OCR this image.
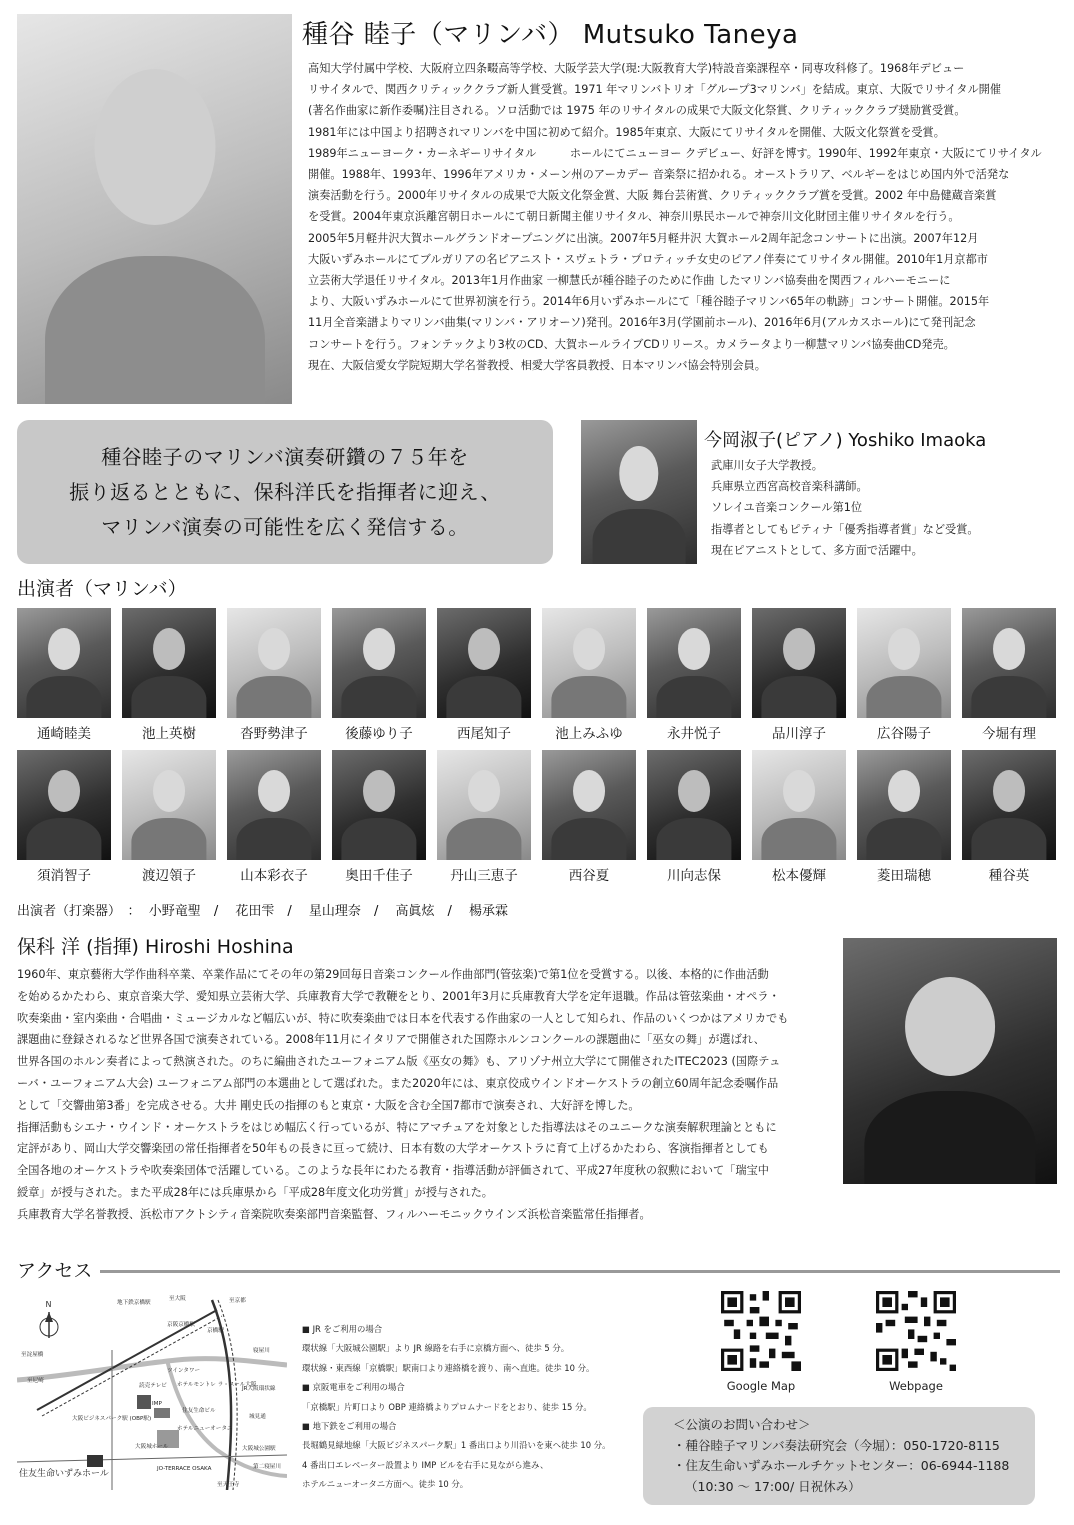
種谷 睦子（マリンバ） Mutsuko Taneya
高知大学付属中学校、大阪府立四条畷高等学校、大阪学芸大学(現:大阪教育大学)特設音楽課程卒・同専攻科修了。1968年デビュー
リサイタルで、関西クリティッククラブ新人賞受賞。1971 年マリンバトリオ「グループ3マリンバ」を結成。東京、大阪でリサイタル開催
(著名作曲家に新作委嘱)注目される。ソロ活動では 1975 年のリサイタルの成果で大阪文化祭賞、クリティッククラブ奨励賞受賞。
1981年には中国より招聘されマリンバを中国に初めて紹介。1985年東京、大阪にてリサイタルを開催、大阪文化祭賞を受賞。
1989年ニューヨーク・カーネギーリサイタル　　　ホールにてニューヨー クデビュー、好評を博す。1990年、1992年東京・大阪にてリサイタル
開催。1988年、1993年、1996年アメリカ・メーン州のアーカデー 音楽祭に招かれる。オーストラリア、ベルギーをはじめ国内外で活発な
演奏活動を行う。2000年リサイタルの成果で大阪文化祭金賞、大阪 舞台芸術賞、クリティッククラブ賞を受賞。2002 年中島健蔵音楽賞
を受賞。2004年東京浜離宮朝日ホールにて朝日新聞主催リサイタル、神奈川県民ホールで神奈川文化財団主催リサイタルを行う。
2005年5月軽井沢大賀ホールグランドオープニングに出演。2007年5月軽井沢 大賀ホール2周年記念コンサートに出演。2007年12月
大阪いずみホールにてブルガリアの名ピアニスト・スヴェトラ・プロティッチ女史のピアノ伴奏にてリサイタル開催。2010年1月京都市
立芸術大学退任リサイタル。2013年1月作曲家 一柳慧氏が種谷睦子のために作曲 したマリンバ協奏曲を関西フィルハーモニーに
より、大阪いずみホールにて世界初演を行う。2014年6月いずみホールにて「種谷睦子マリンバ65年の軌跡」コンサート開催。2015年
11月全音楽譜よりマリンバ曲集(マリンバ・アリオーソ)発刊。2016年3月(学園前ホール)、2016年6月(アルカスホール)にて発刊記念
コンサートを行う。フォンテックより3枚のCD、大賀ホールライブCDリリース。カメラータより一柳慧マリンバ協奏曲CD発売。
現在、大阪信愛女学院短期大学名誉教授、相愛大学客員教授、日本マリンバ協会特別会員。
種谷睦子のマリンバ演奏研鑽の７５年を
振り返るとともに、保科洋氏を指揮者に迎え、
マリンバ演奏の可能性を広く発信する。
今岡淑子(ピアノ) Yoshiko Imaoka
武庫川女子大学教授。
兵庫県立西宮高校音楽科講師。
ソレイユ音楽コンクール第1位
指導者としてもピティナ「優秀指導者賞」など受賞。
現在ピアニストとして、多方面で活躍中。
出演者（マリンバ）
通崎睦美	池上英樹	沓野勢津子	後藤ゆり子	西尾知子	池上みふゆ	永井悦子	品川淳子	広谷陽子	今堀有理
須消智子	渡辺領子	山本彩衣子	奥田千佳子	丹山三恵子	西谷夏	川向志保	松本優輝	菱田瑞穂	種谷英
出演者（打楽器）　： 小野竜聖　 /　 花田雫　 /　 星山理奈　 /　 高眞炫　 /　 楊承霖
保科 洋 (指揮) Hiroshi Hoshina
1960年、東京藝術大学作曲科卒業、卒業作品にてその年の第29回毎日音楽コンクール作曲部門(管弦楽)で第1位を受賞する。以後、本格的に作曲活動
を始めるかたわら、東京音楽大学、愛知県立芸術大学、兵庫教育大学で教鞭をとり、2001年3月に兵庫教育大学を定年退職。作品は管弦楽曲・オペラ・
吹奏楽曲・室内楽曲・合唱曲・ミュージカルなど幅広いが、特に吹奏楽曲では日本を代表する作曲家の一人として知られ、作品のいくつかはアメリカでも
課題曲に登録されるなど世界各国で演奏されている。2008年11月にイタリアで開催された国際ホルンコンクールの課題曲に「巫女の舞」が選ばれ、
世界各国のホルン奏者によって熱演された。のちに編曲されたユーフォニアム版《巫女の舞》も、アリゾナ州立大学にて開催されたITEC2023 (国際テュ
ーバ・ユーフォニアム大会) ユーフォニアム部門の本選曲として選ばれた。また2020年には、東京佼成ウインドオーケストラの創立60周年記念委嘱作品
として「交響曲第3番」を完成させる。大井 剛史氏の指揮のもと東京・大阪を含む全国7都市で演奏され、大好評を博した。
指揮活動もシエナ・ウインド・オーケストラをはじめ幅広く行っているが、特にアマチュアを対象とした指導法はそのユニークな演奏解釈理論とともに
定評があり、岡山大学交響楽団の常任指揮者を50年もの長きに亘って続け、日本有数の大学オーケストラに育て上げるかたわら、客演指揮者としても
全国各地のオーケストラや吹奏楽団体で活躍している。このような長年にわたる教育・指導活動が評価されて、平成27年度秋の叙勲において「瑞宝中
綬章」が授与された。また平成28年には兵庫県から「平成28年度文化功労賞」が授与された。
兵庫教育大学名誉教授、浜松市アクトシティ音楽院吹奏楽部門音楽監督、フィルハーモニックウインズ浜松音楽監常任指揮者。
アクセス
N	地下鉄京橋駅
至大阪	至京都
京阪京橋駅
京橋駅
至淀屋橋
至尼崎
ツインタワー
読売テレビ ホテルモントレ ラ・スール大阪
大阪ビジネスパーク駅 (OBP駅)
IMP
住友生命ビル
ホテルニューオータニ
大阪城ホール	大阪城公園駅
JR大阪環状線
至天王寺
寝屋川
城見通
第二寝屋川
JO-TERRACE OSAKA
住友生命いずみホール
■ JR をご利用の場合
環状線「大阪城公園駅」より JR 線路を右手に京橋方面へ、徒歩 5 分。
環状線・東西線「京橋駅」駅南口より連絡橋を渡り、南へ直進。徒歩 10 分。
■ 京阪電車をご利用の場合
「京橋駅」片町口より OBP 連絡橋よりプロムナードをとおり、徒歩 15 分。
■ 地下鉄をご利用の場合
長堀鶴見緑地線「大阪ビジネスパーク駅」1 番出口より川沿いを東へ徒歩 10 分。
4 番出口エレベーター設置より IMP ビルを右手に見ながら進み、
ホテルニューオータニ方面へ。徒歩 10 分。
Google Map	Webpage
＜公演のお問い合わせ＞
・種谷睦子マリンバ奏法研究会（今堀）：050-1720-8115
・住友生命いずみホールチケットセンター：06-6944-1188
（10:30 ～ 17:00/ 日祝休み）
